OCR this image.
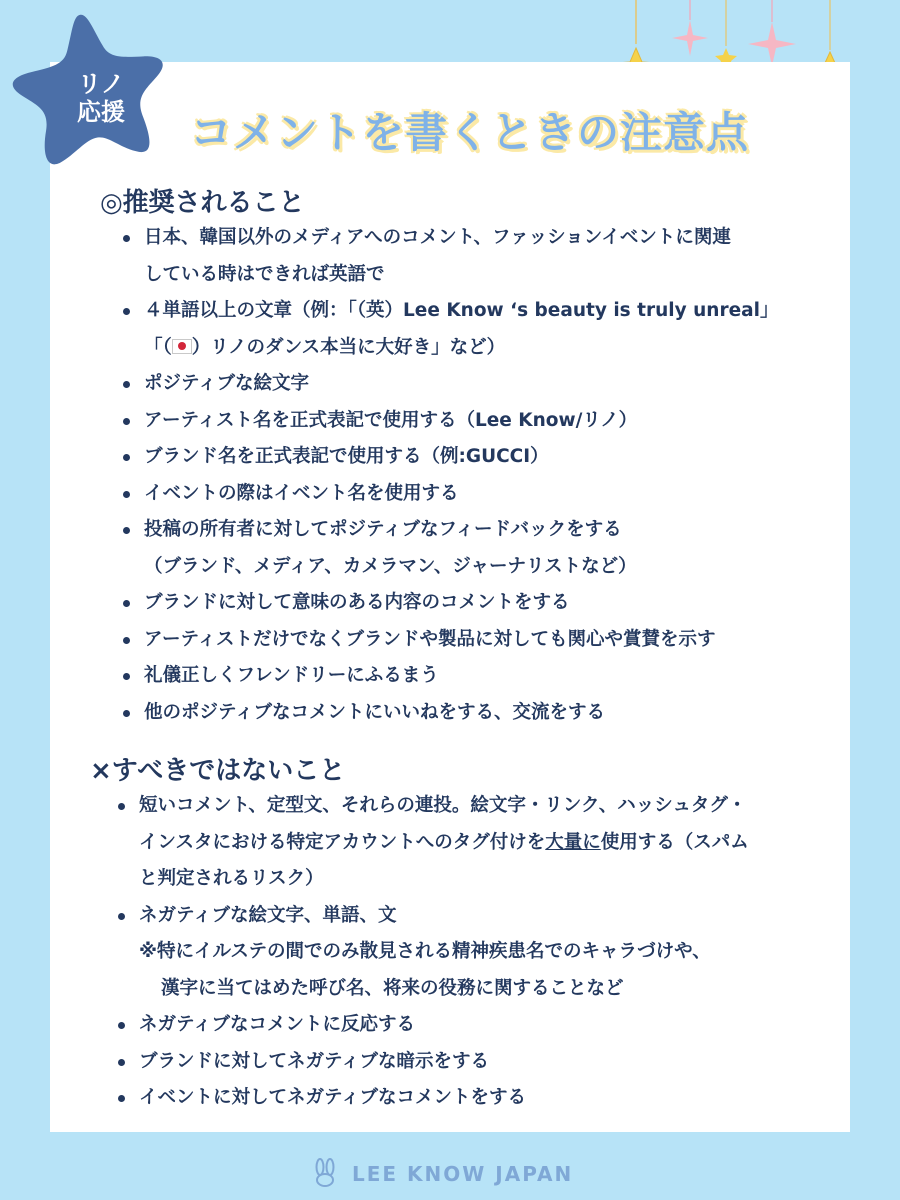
リノ
応援	コメントを書くときの注意点
◎推奨されること
日本、韓国以外のメディアへのコメント、ファッションイベントに関連
している時はできれば英語で
４単語以上の文章（例：「（英）Lee Know ‘s beauty is truly unreal」
「（ ）リノのダンス本当に大好き」など）
ポジティブな絵文字
アーティスト名を正式表記で使用する（Lee Know/リノ）
ブランド名を正式表記で使用する（例:GUCCI）
イベントの際はイベント名を使用する
投稿の所有者に対してポジティブなフィードバックをする
（ブランド、メディア、カメラマン、ジャーナリストなど）
ブランドに対して意味のある内容のコメントをする
アーティストだけでなくブランドや製品に対しても関心や賞賛を示す
礼儀正しくフレンドリーにふるまう
他のポジティブなコメントにいいねをする、交流をする
×すべきではないこと
短いコメント、定型文、それらの連投。絵文字・リンク、ハッシュタグ・
インスタにおける特定アカウントへのタグ付けを大量に使用する（スパム
と判定されるリスク）
ネガティブな絵文字、単語、文
※特にイルステの間でのみ散見される精神疾患名でのキャラづけや、
漢字に当てはめた呼び名、将来の役務に関することなど
ネガティブなコメントに反応する
ブランドに対してネガティブな暗示をする
イベントに対してネガティブなコメントをする
LEE KNOW JAPAN
